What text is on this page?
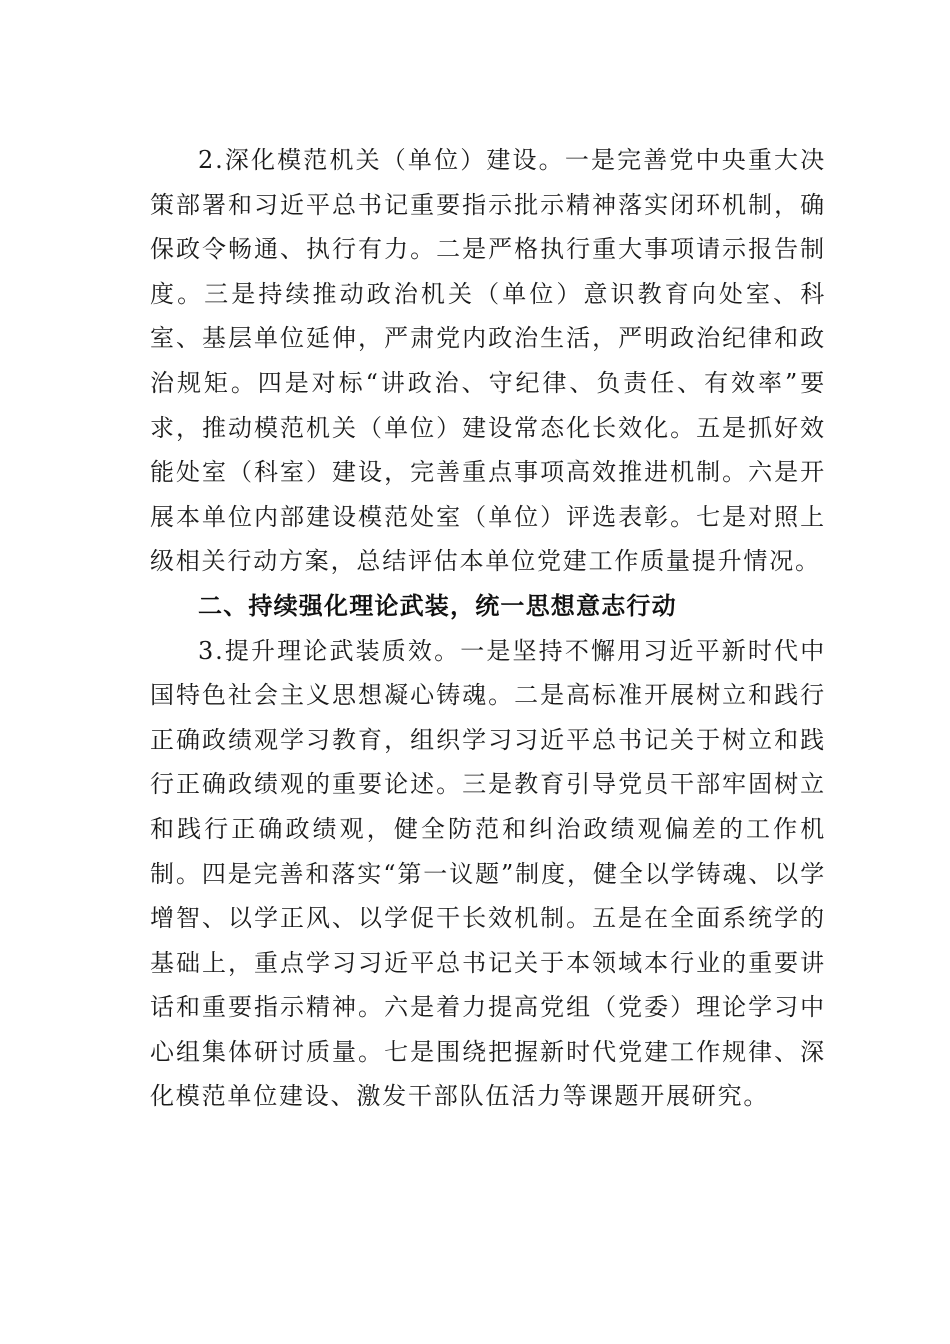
2.深化模范机关（单位）建设。一是完善党中央重大决策部署和习近平总书记重要指示批示精神落实闭环机制，确保政令畅通、执行有力。二是严格执行重大事项请示报告制度。三是持续推动政治机关（单位）意识教育向处室、科室、基层单位延伸，严肃党内政治生活，严明政治纪律和政治规矩。四是对标“讲政治、守纪律、负责任、有效率”要求，推动模范机关（单位）建设常态化长效化。五是抓好效能处室（科室）建设，完善重点事项高效推进机制。六是开展本单位内部建设模范处室（单位）评选表彰。七是对照上级相关行动方案，总结评估本单位党建工作质量提升情况。

二、持续强化理论武装，统一思想意志行动

3.提升理论武装质效。一是坚持不懈用习近平新时代中国特色社会主义思想凝心铸魂。二是高标准开展树立和践行正确政绩观学习教育，组织学习习近平总书记关于树立和践行正确政绩观的重要论述。三是教育引导党员干部牢固树立和践行正确政绩观，健全防范和纠治政绩观偏差的工作机制。四是完善和落实“第一议题”制度，健全以学铸魂、以学增智、以学正风、以学促干长效机制。五是在全面系统学的基础上，重点学习习近平总书记关于本领域本行业的重要讲话和重要指示精神。六是着力提高党组（党委）理论学习中心组集体研讨质量。七是围绕把握新时代党建工作规律、深化模范单位建设、激发干部队伍活力等课题开展研究。
